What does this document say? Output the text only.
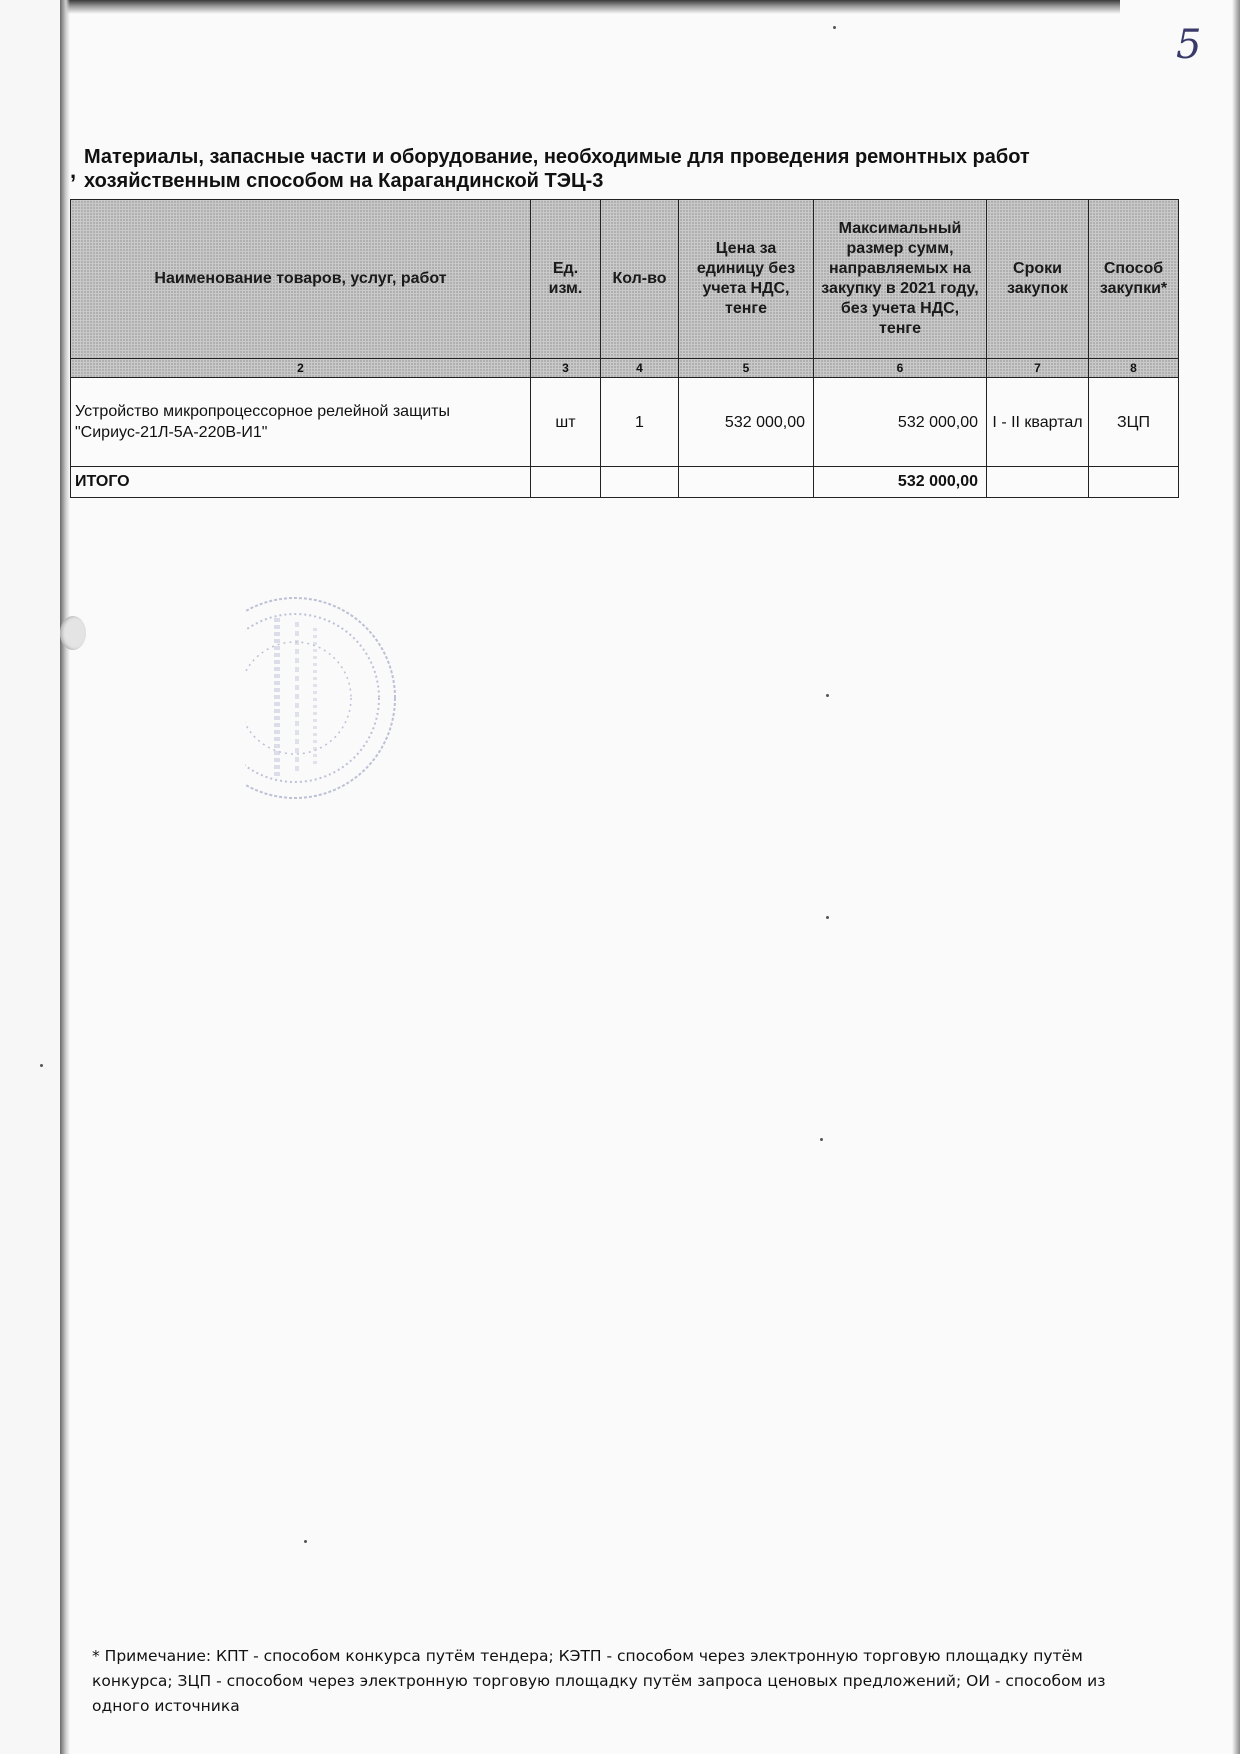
5
,
Материалы, запасные части и оборудование, необходимые для проведения ремонтных работ хозяйственным способом на Карагандинской ТЭЦ-3
Наименование товаров, услуг, работ	Ед. изм.	Кол-во	Цена за единицу без учета НДС, тенге	Максимальный размер сумм, направляемых на закупку в 2021 году, без учета НДС, тенге	Сроки закупок	Способ закупки*
2	3	4	5	6	7	8
Устройство микропроцессорное релейной защиты "Сириус-21Л-5А-220В-И1"	шт	1	532 000,00	532 000,00	I - II квартал	ЗЦП
ИТОГО				532 000,00		
* Примечание: КПТ - способом конкурса путём тендера; КЭТП - способом через электронную торговую площадку путём конкурса; ЗЦП - способом через электронную торговую площадку путём запроса ценовых предложений; ОИ - способом из одного источника
